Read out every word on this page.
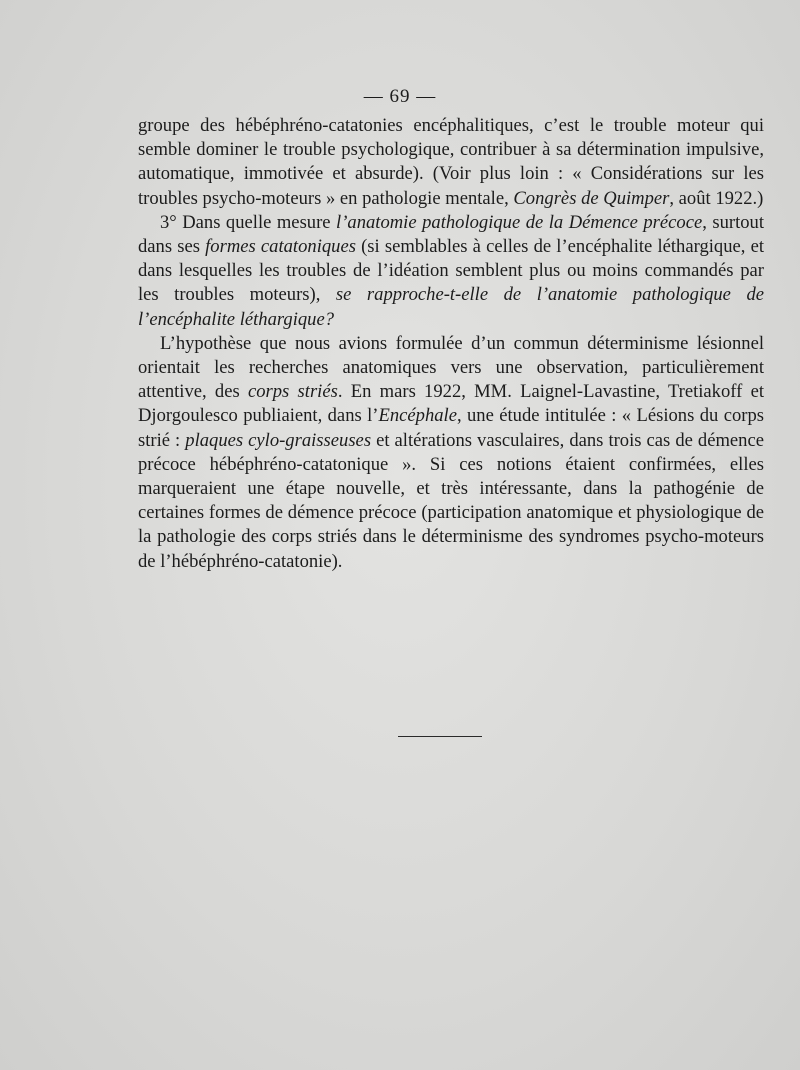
— 69 —

groupe des hébéphréno-catatonies encéphalitiques, c’est le trouble moteur qui semble dominer le trouble psychologique, contribuer à sa détermination impulsive, automatique, immotivée et absurde). (Voir plus loin : « Considérations sur les troubles psycho-moteurs » en pathologie mentale, Congrès de Quimper, août 1922.)

3° Dans quelle mesure l’anatomie pathologique de la Démence précoce, surtout dans ses formes catatoniques (si semblables à celles de l’encéphalite léthargique, et dans lesquelles les troubles de l’idéation semblent plus ou moins commandés par les troubles moteurs), se rapproche-t-elle de l’anatomie pathologique de l’encéphalite léthargique?

L’hypothèse que nous avions formulée d’un commun déterminisme lésionnel orientait les recherches anatomiques vers une observation, particulièrement attentive, des corps striés. En mars 1922, MM. Laignel-Lavastine, Tretiakoff et Djorgoulesco publiaient, dans l’Encéphale, une étude intitulée : « Lésions du corps strié : plaques cylo-graisseuses et altérations vasculaires, dans trois cas de démence précoce hébéphréno-catatonique ». Si ces notions étaient confirmées, elles marqueraient une étape nouvelle, et très intéressante, dans la pathogénie de certaines formes de démence précoce (participation anatomique et physiologique de la pathologie des corps striés dans le déterminisme des syndromes psycho-moteurs de l’hébéphréno-catatonie).
